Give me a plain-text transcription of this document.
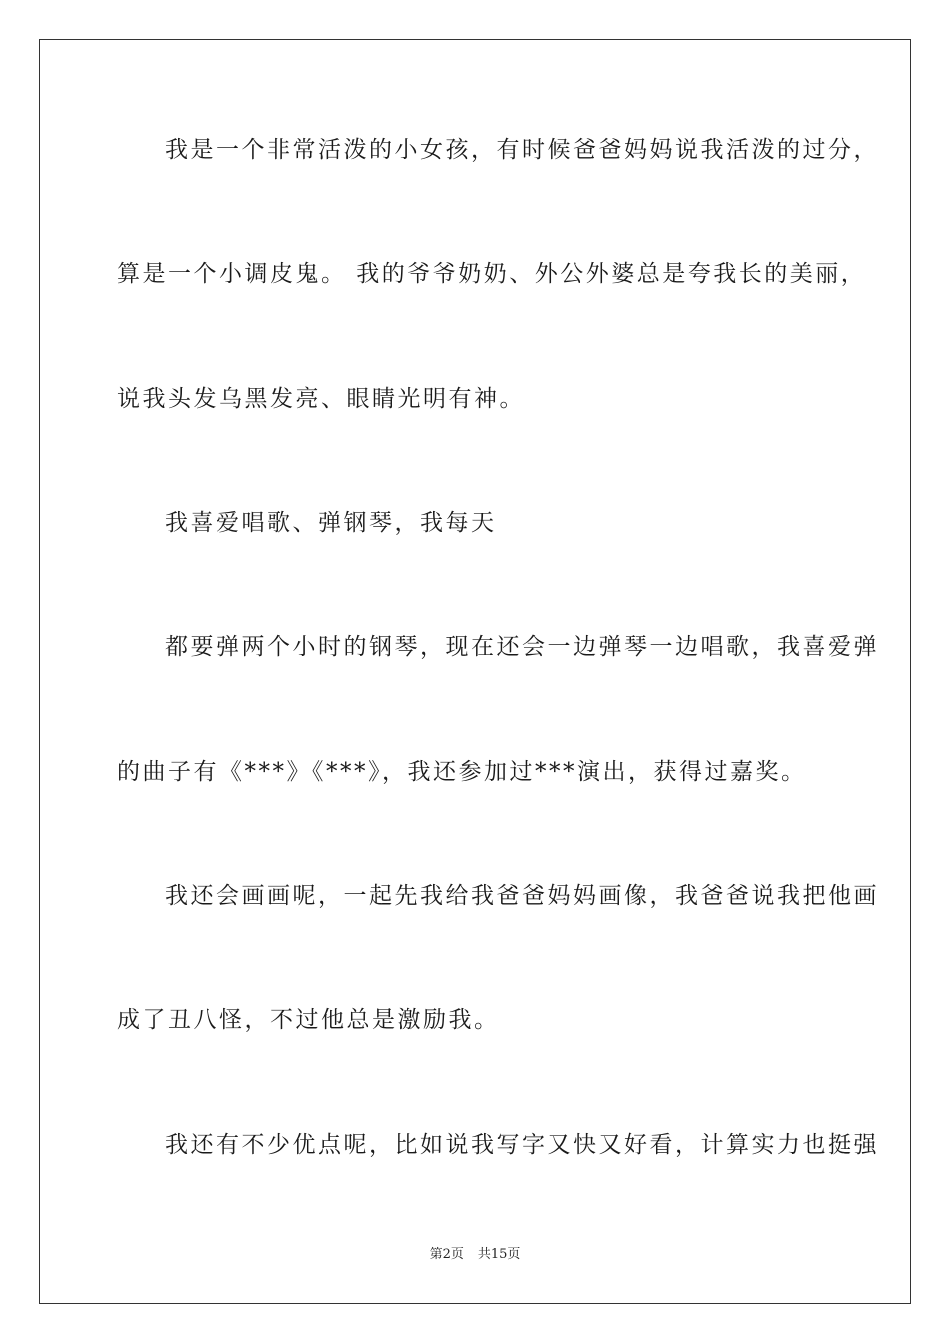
我是一个非常活泼的小女孩，有时候爸爸妈妈说我活泼的过分，
算是一个小调皮鬼。 我的爷爷奶奶、外公外婆总是夸我长的美丽，
说我头发乌黑发亮、眼睛光明有神。
我喜爱唱歌、弹钢琴，我每天
都要弹两个小时的钢琴，现在还会一边弹琴一边唱歌，我喜爱弹
的曲子有《***》《***》，我还参加过***演出，获得过嘉奖。
我还会画画呢，一起先我给我爸爸妈妈画像，我爸爸说我把他画
成了丑八怪，不过他总是激励我。
我还有不少优点呢，比如说我写字又快又好看，计算实力也挺强
第2页 共15页
